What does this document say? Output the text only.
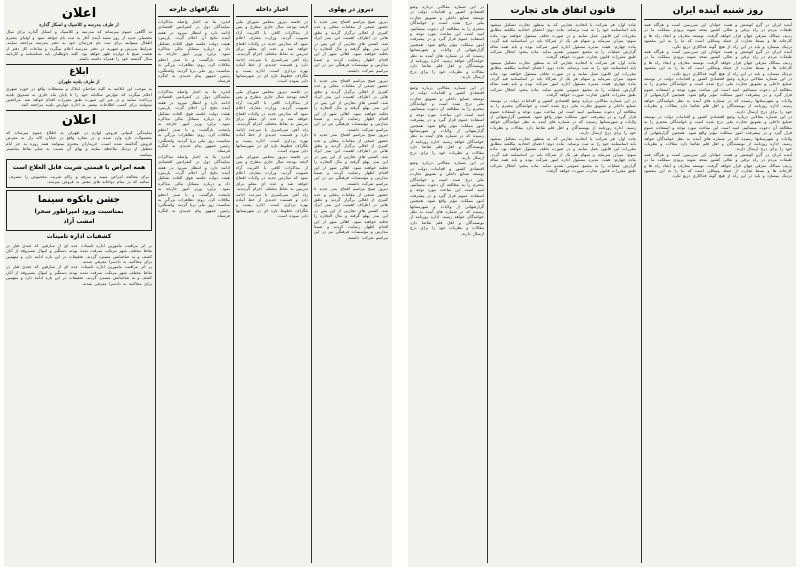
دیروز در پهلوی
دیروز صبح مراسم افتتاح بندر جدید با حضور جمعی از مقامات محلی و عده کثیری از اهالی برگزار گردید و نطق هائی در اطراف اهمیت این بندر ایراد شد. کشتی های تجارتی از این پس در این بندر پهلو گرفته و مال التجاره را تخلیه خواهند نمود. اهالی شهر از این اقدام اظهار رضایت کردند و ضمنا مدارس و مؤسسات فرهنگی نیز در این مراسم شرکت داشتند.
دیروز صبح مراسم افتتاح بندر جدید با حضور جمعی از مقامات محلی و عده کثیری از اهالی برگزار گردید و نطق هائی در اطراف اهمیت این بندر ایراد شد. کشتی های تجارتی از این پس در این بندر پهلو گرفته و مال التجاره را تخلیه خواهند نمود. اهالی شهر از این اقدام اظهار رضایت کردند و ضمنا مدارس و مؤسسات فرهنگی نیز در این مراسم شرکت داشتند.
دیروز صبح مراسم افتتاح بندر جدید با حضور جمعی از مقامات محلی و عده کثیری از اهالی برگزار گردید و نطق هائی در اطراف اهمیت این بندر ایراد شد. کشتی های تجارتی از این پس در این بندر پهلو گرفته و مال التجاره را تخلیه خواهند نمود. اهالی شهر از این اقدام اظهار رضایت کردند و ضمنا مدارس و مؤسسات فرهنگی نیز در این مراسم شرکت داشتند.
دیروز صبح مراسم افتتاح بندر جدید با حضور جمعی از مقامات محلی و عده کثیری از اهالی برگزار گردید و نطق هائی در اطراف اهمیت این بندر ایراد شد. کشتی های تجارتی از این پس در این بندر پهلو گرفته و مال التجاره را تخلیه خواهند نمود. اهالی شهر از این اقدام اظهار رضایت کردند و ضمنا مدارس و مؤسسات فرهنگی نیز در این مراسم شرکت داشتند.
اخبار داخله
در جلسه دیروز مجلس شورای ملی لایحه بودجه سال جاری مطرح و پس از مذاکرات کافی با اکثریت آراء تصویب گردید. وزارت معارف اعلام نمود که مدارس جدید در ولایات افتتاح خواهد شد و عده ای معلم برای تدریس به نقاط مختلف اعزام گردیدند. راه آهن سرتاسری با سرعت ادامه دارد و قسمت جدیدی از خط آماده بهره برداری است. اداره پست و تلگراف خطوط تازه ای در شهرستانها دایر نموده است.
در جلسه دیروز مجلس شورای ملی لایحه بودجه سال جاری مطرح و پس از مذاکرات کافی با اکثریت آراء تصویب گردید. وزارت معارف اعلام نمود که مدارس جدید در ولایات افتتاح خواهد شد و عده ای معلم برای تدریس به نقاط مختلف اعزام گردیدند. راه آهن سرتاسری با سرعت ادامه دارد و قسمت جدیدی از خط آماده بهره برداری است. اداره پست و تلگراف خطوط تازه ای در شهرستانها دایر نموده است.
در جلسه دیروز مجلس شورای ملی لایحه بودجه سال جاری مطرح و پس از مذاکرات کافی با اکثریت آراء تصویب گردید. وزارت معارف اعلام نمود که مدارس جدید در ولایات افتتاح خواهد شد و عده ای معلم برای تدریس به نقاط مختلف اعزام گردیدند. راه آهن سرتاسری با سرعت ادامه دارد و قسمت جدیدی از خط آماده بهره برداری است. اداره پست و تلگراف خطوط تازه ای در شهرستانها دایر نموده است.
تلگرافهای خارجه
لندن: بنا به اخبار واصله مذاکرات نمایندگان دول در کنفرانس اقتصادی ادامه دارد و انتظار میرود در هفته آینده نتایج آن اعلام گردد. پاریس: هیئت دولت جلسه فوق العاده تشکیل داد و درباره مسائل مالی مذاکره نمود. برلن: وزیر امور خارجه به پایتخت بازگشت و با صدر اعظم ملاقات کرد. روم: تظاهرات بزرگی به مناسبت روز ملی برپا گردید. واشنگتن: رئیس جمهور پیام جدیدی به کنگره فرستاد.
لندن: بنا به اخبار واصله مذاکرات نمایندگان دول در کنفرانس اقتصادی ادامه دارد و انتظار میرود در هفته آینده نتایج آن اعلام گردد. پاریس: هیئت دولت جلسه فوق العاده تشکیل داد و درباره مسائل مالی مذاکره نمود. برلن: وزیر امور خارجه به پایتخت بازگشت و با صدر اعظم ملاقات کرد. روم: تظاهرات بزرگی به مناسبت روز ملی برپا گردید. واشنگتن: رئیس جمهور پیام جدیدی به کنگره فرستاد.
لندن: بنا به اخبار واصله مذاکرات نمایندگان دول در کنفرانس اقتصادی ادامه دارد و انتظار میرود در هفته آینده نتایج آن اعلام گردد. پاریس: هیئت دولت جلسه فوق العاده تشکیل داد و درباره مسائل مالی مذاکره نمود. برلن: وزیر امور خارجه به پایتخت بازگشت و با صدر اعظم ملاقات کرد. روم: تظاهرات بزرگی به مناسبت روز ملی برپا گردید. واشنگتن: رئیس جمهور پیام جدیدی به کنگره فرستاد.
اعلان
از طرف مدرسه و کلاسیک و اسکار گذاره
به آگاهی عموم میرساند که مدرسه و کلاسیک و اسکار گذاره برای سال تحصیلی جدید از روز شنبه آینده آغاز به ثبت نام خواهد نمود و اولیای محترم اطفال میتوانند برای ثبت نام فرزندان خود به دفتر مدرسه مراجعه نمایند. شرایط پذیرش و شهریه در دفتر مدرسه اعلام میگردد و ساعات کار دفتر از هشت صبح تا دوازده ظهر خواهد بود. کلیه داوطلبان باید شناسنامه و کارنامه سال گذشته خود را همراه داشته باشند.
ابلاغ
از طرف بلدیه طهران
به موجب این ابلاغیه به کلیه صاحبان املاک و مستغلات واقع در حوزه شهری اعلام میگردد که عوارض سالیانه خود را تا پایان ماه جاری به صندوق بلدیه پرداخت نمایند و در غیر این صورت طبق مقررات اقدام خواهد شد. مراجعین میتوانند برای کسب اطلاعات بیشتر به اداره عوارض بلدیه مراجعه کنند.
اعلان
نمایندگی کمپانی فروش لوازم در طهران به اطلاع عموم میرساند که محصولات تازه وارد شده و در مغازه واقع در خیابان لاله زار به معرض فروش گذاشته شده است. خریداران محترم میتوانند همه روزه به جز ایام تعطیل از نزدیک ملاحظه نمایند و بهای آن نسبت به سایر نقاط مناسبتر میباشد.
همه امراض با قیمتی شربت قابل العلاج است
برای معالجه امراض سینه و سرفه و زکام شربت مخصوص را مصرف نمائید که در تمام دواخانه های معتبر به فروش میرسد.
جشن بانکوه سینما
بمناسبت ورود امپراطور سحرا
امشب آزاد
کشفیات اداره تامینات
بر اثر مراقبت مامورین اداره تامینات عده ای از سارقین که چندی قبل در نقاط مختلف شهر مرتکب سرقت شده بودند دستگیر و اموال مسروقه از آنان کشف و به صاحبانش مسترد گردید. تحقیقات در این باره ادامه دارد و متهمین برای محاکمه به دادسرا معرفی شدند.
بر اثر مراقبت مامورین اداره تامینات عده ای از سارقین که چندی قبل در نقاط مختلف شهر مرتکب سرقت شده بودند دستگیر و اموال مسروقه از آنان کشف و به صاحبانش مسترد گردید. تحقیقات در این باره ادامه دارد و متهمین برای محاکمه به دادسرا معرفی شدند.
روز شنبه آینده ایران
آینده ایران در گرو کوشش و همت جوانان این سرزمین است و هرگاه همه طبقات مردم در راه ترقی و تعالی کشور متحد شوند بزودی مملکت ما در ردیف ممالک مترقی جهان قرار خواهد گرفت. توسعه معارف و ایجاد راه ها و کارخانه ها و بسط تجارت از جمله وسائلی است که ما را به این مقصود نزدیک میسازد و باید در این راه از هیچ گونه فداکاری دریغ نکرد.
آینده ایران در گرو کوشش و همت جوانان این سرزمین است و هرگاه همه طبقات مردم در راه ترقی و تعالی کشور متحد شوند بزودی مملکت ما در ردیف ممالک مترقی جهان قرار خواهد گرفت. توسعه معارف و ایجاد راه ها و کارخانه ها و بسط تجارت از جمله وسائلی است که ما را به این مقصود نزدیک میسازد و باید در این راه از هیچ گونه فداکاری دریغ نکرد.
در این شماره مقالاتی درباره وضع اقتصادی کشور و اقدامات دولت در توسعه صنایع داخلی و تشویق تجارت ملی درج شده است و خوانندگان محترم را به مطالعه آن دعوت مینمائیم. امید است این مباحث مورد توجه و استفاده عموم قرار گیرد و در پیشرفت امور مملکت مؤثر واقع شود. همچنین گزارشهائی از ولایات و شهرستانها رسیده که در شماره های آینده به نظر خوانندگان خواهد رسید. اداره روزنامه از نویسندگان و اهل قلم تقاضا دارد مقالات و نظریات خود را برای درج ارسال دارند.
در این شماره مقالاتی درباره وضع اقتصادی کشور و اقدامات دولت در توسعه صنایع داخلی و تشویق تجارت ملی درج شده است و خوانندگان محترم را به مطالعه آن دعوت مینمائیم. امید است این مباحث مورد توجه و استفاده عموم قرار گیرد و در پیشرفت امور مملکت مؤثر واقع شود. همچنین گزارشهائی از ولایات و شهرستانها رسیده که در شماره های آینده به نظر خوانندگان خواهد رسید. اداره روزنامه از نویسندگان و اهل قلم تقاضا دارد مقالات و نظریات خود را برای درج ارسال دارند.
آینده ایران در گرو کوشش و همت جوانان این سرزمین است و هرگاه همه طبقات مردم در راه ترقی و تعالی کشور متحد شوند بزودی مملکت ما در ردیف ممالک مترقی جهان قرار خواهد گرفت. توسعه معارف و ایجاد راه ها و کارخانه ها و بسط تجارت از جمله وسائلی است که ما را به این مقصود نزدیک میسازد و باید در این راه از هیچ گونه فداکاری دریغ نکرد.
قانون اتفاق های تجارت
ماده اول: هر شرکت یا اتحادیه تجارتی که به منظور تجارت تشکیل میشود باید اساسنامه خود را به ثبت برساند. ماده دوم: اعضای اتحادیه مکلفند مطابق مقررات این قانون عمل نمایند و در صورت تخلف مسئول خواهند بود. ماده سوم: میزان سرمایه و سهام هر یک از شرکاء باید در اساسنامه قید گردد. ماده چهارم: هیئت مدیره مسئول اداره امور شرکت بوده و باید همه ساله گزارش عملیات را به مجمع عمومی تقدیم نماید. ماده پنجم: انحلال شرکت طبق مقررات قانون تجارت صورت خواهد گرفت.
ماده اول: هر شرکت یا اتحادیه تجارتی که به منظور تجارت تشکیل میشود باید اساسنامه خود را به ثبت برساند. ماده دوم: اعضای اتحادیه مکلفند مطابق مقررات این قانون عمل نمایند و در صورت تخلف مسئول خواهند بود. ماده سوم: میزان سرمایه و سهام هر یک از شرکاء باید در اساسنامه قید گردد. ماده چهارم: هیئت مدیره مسئول اداره امور شرکت بوده و باید همه ساله گزارش عملیات را به مجمع عمومی تقدیم نماید. ماده پنجم: انحلال شرکت طبق مقررات قانون تجارت صورت خواهد گرفت.
در این شماره مقالاتی درباره وضع اقتصادی کشور و اقدامات دولت در توسعه صنایع داخلی و تشویق تجارت ملی درج شده است و خوانندگان محترم را به مطالعه آن دعوت مینمائیم. امید است این مباحث مورد توجه و استفاده عموم قرار گیرد و در پیشرفت امور مملکت مؤثر واقع شود. همچنین گزارشهائی از ولایات و شهرستانها رسیده که در شماره های آینده به نظر خوانندگان خواهد رسید. اداره روزنامه از نویسندگان و اهل قلم تقاضا دارد مقالات و نظریات خود را برای درج ارسال دارند.
ماده اول: هر شرکت یا اتحادیه تجارتی که به منظور تجارت تشکیل میشود باید اساسنامه خود را به ثبت برساند. ماده دوم: اعضای اتحادیه مکلفند مطابق مقررات این قانون عمل نمایند و در صورت تخلف مسئول خواهند بود. ماده سوم: میزان سرمایه و سهام هر یک از شرکاء باید در اساسنامه قید گردد. ماده چهارم: هیئت مدیره مسئول اداره امور شرکت بوده و باید همه ساله گزارش عملیات را به مجمع عمومی تقدیم نماید. ماده پنجم: انحلال شرکت طبق مقررات قانون تجارت صورت خواهد گرفت.
در این شماره مقالاتی درباره وضع اقتصادی کشور و اقدامات دولت در توسعه صنایع داخلی و تشویق تجارت ملی درج شده است و خوانندگان محترم را به مطالعه آن دعوت مینمائیم. امید است این مباحث مورد توجه و استفاده عموم قرار گیرد و در پیشرفت امور مملکت مؤثر واقع شود. همچنین گزارشهائی از ولایات و شهرستانها رسیده که در شماره های آینده به نظر خوانندگان خواهد رسید. اداره روزنامه از نویسندگان و اهل قلم تقاضا دارد مقالات و نظریات خود را برای درج ارسال دارند.
در این شماره مقالاتی درباره وضع اقتصادی کشور و اقدامات دولت در توسعه صنایع داخلی و تشویق تجارت ملی درج شده است و خوانندگان محترم را به مطالعه آن دعوت مینمائیم. امید است این مباحث مورد توجه و استفاده عموم قرار گیرد و در پیشرفت امور مملکت مؤثر واقع شود. همچنین گزارشهائی از ولایات و شهرستانها رسیده که در شماره های آینده به نظر خوانندگان خواهد رسید. اداره روزنامه از نویسندگان و اهل قلم تقاضا دارد مقالات و نظریات خود را برای درج ارسال دارند.
در این شماره مقالاتی درباره وضع اقتصادی کشور و اقدامات دولت در توسعه صنایع داخلی و تشویق تجارت ملی درج شده است و خوانندگان محترم را به مطالعه آن دعوت مینمائیم. امید است این مباحث مورد توجه و استفاده عموم قرار گیرد و در پیشرفت امور مملکت مؤثر واقع شود. همچنین گزارشهائی از ولایات و شهرستانها رسیده که در شماره های آینده به نظر خوانندگان خواهد رسید. اداره روزنامه از نویسندگان و اهل قلم تقاضا دارد مقالات و نظریات خود را برای درج ارسال دارند.
